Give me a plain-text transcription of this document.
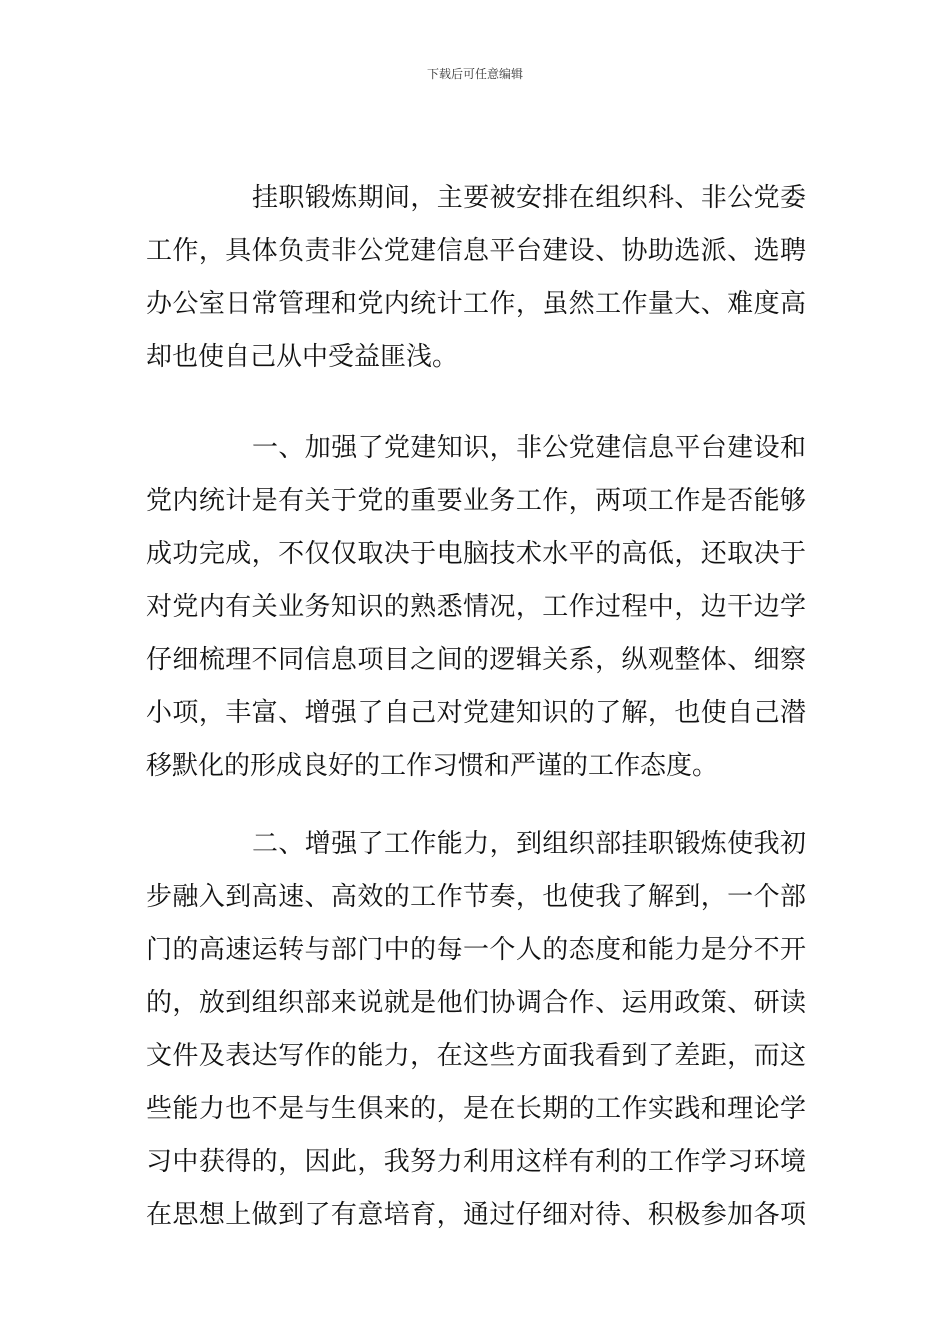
下载后可任意编辑
挂职锻炼期间，主要被安排在组织科、非公党委
工作，具体负责非公党建信息平台建设、协助选派、选聘
办公室日常管理和党内统计工作，虽然工作量大、难度高
却也使自己从中受益匪浅。
一、加强了党建知识，非公党建信息平台建设和
党内统计是有关于党的重要业务工作，两项工作是否能够
成功完成，不仅仅取决于电脑技术水平的高低，还取决于
对党内有关业务知识的熟悉情况，工作过程中，边干边学
仔细梳理不同信息项目之间的逻辑关系，纵观整体、细察
小项，丰富、增强了自己对党建知识的了解，也使自己潜
移默化的形成良好的工作习惯和严谨的工作态度。
二、增强了工作能力，到组织部挂职锻炼使我初
步融入到高速、高效的工作节奏，也使我了解到，一个部
门的高速运转与部门中的每一个人的态度和能力是分不开
的，放到组织部来说就是他们协调合作、运用政策、研读
文件及表达写作的能力，在这些方面我看到了差距，而这
些能力也不是与生俱来的，是在长期的工作实践和理论学
习中获得的，因此，我努力利用这样有利的工作学习环境
在思想上做到了有意培育，通过仔细对待、积极参加各项
